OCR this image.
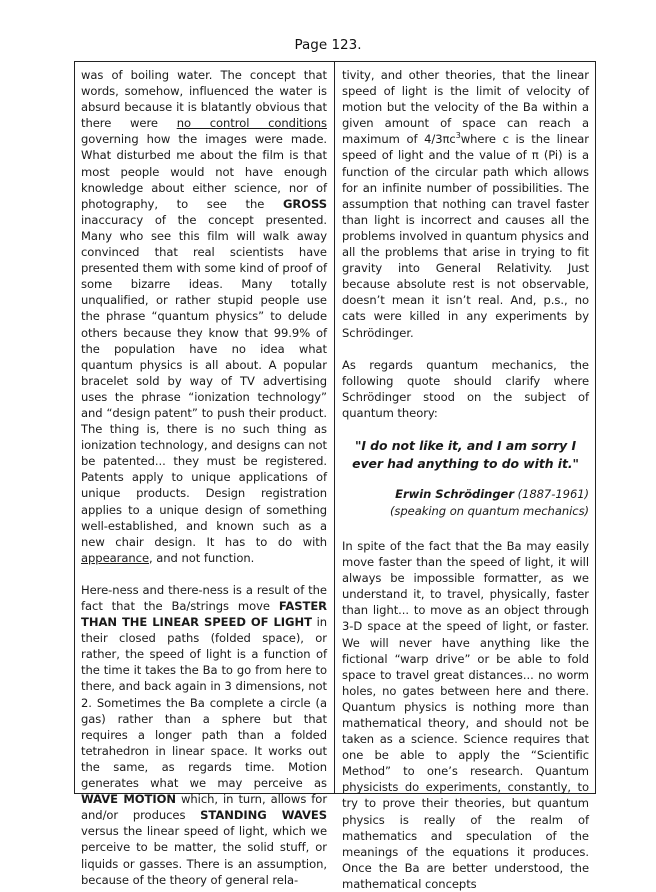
Page 123.

was of boiling water. The concept that words, somehow, influenced the water is absurd because it is blatantly obvious that there were no control conditions governing how the images were made. What disturbed me about the film is that most people would not have enough knowledge about either science, nor of photography, to see the GROSS inaccuracy of the concept presented. Many who see this film will walk away convinced that real scientists have presented them with some kind of proof of some bizarre ideas. Many totally unqualified, or rather stupid people use the phrase “quantum physics” to delude others because they know that 99.9% of the population have no idea what quantum physics is all about. A popular bracelet sold by way of TV advertising uses the phrase “ionization technology” and “design patent” to push their product. The thing is, there is no such thing as ionization technology, and designs can not be patented... they must be registered. Patents apply to unique applications of unique products. Design registration applies to a unique design of something well-established, and known such as a new chair design. It has to do with appearance, and not function.

Here-ness and there-ness is a result of the fact that the Ba/strings move FASTER THAN THE LINEAR SPEED OF LIGHT in their closed paths (folded space), or rather, the speed of light is a function of the time it takes the Ba to go from here to there, and back again in 3 dimensions, not 2. Sometimes the Ba complete a circle (a gas) rather than a sphere but that requires a longer path than a folded tetrahedron in linear space. It works out the same, as regards time. Motion generates what we may perceive as WAVE MOTION which, in turn, allows for and/or produces STANDING WAVES versus the linear speed of light, which we perceive to be matter, the solid stuff, or liquids or gasses. There is an assumption, because of the theory of general rela-

tivity, and other theories, that the linear speed of light is the limit of velocity of motion but the velocity of the Ba within a given amount of space can reach a maximum of $4/3\pi c^3where$ c is the linear speed of light and the value of π (Pi) is a function of the circular path which allows for an infinite number of possibilities. The assumption that nothing can travel faster than light is incorrect and causes all the problems involved in quantum physics and all the problems that arise in trying to fit gravity into General Relativity. Just because absolute rest is not observable, doesn’t mean it isn’t real. And, p.s., no cats were killed in any experiments by Schrödinger.

As regards quantum mechanics, the following quote should clarify where Schrödinger stood on the subject of quantum theory:

"I do not like it, and I am sorry I ever had anything to do with it."

Erwin Schrödinger (1887-1961)
(speaking on quantum mechanics)

In spite of the fact that the Ba may easily move faster than the speed of light, it will always be impossible formatter, as we understand it, to travel, physically, faster than light... to move as an object through 3-D space at the speed of light, or faster. We will never have anything like the fictional “warp drive” or be able to fold space to travel great distances... no worm holes, no gates between here and there. Quantum physics is nothing more than mathematical theory, and should not be taken as a science. Science requires that one be able to apply the “Scientific Method” to one’s research. Quantum physicists do experiments, constantly, to try to prove their theories, but quantum physics is really of the realm of mathematics and speculation of the meanings of the equations it produces. Once the Ba are better understood, the mathematical concepts
